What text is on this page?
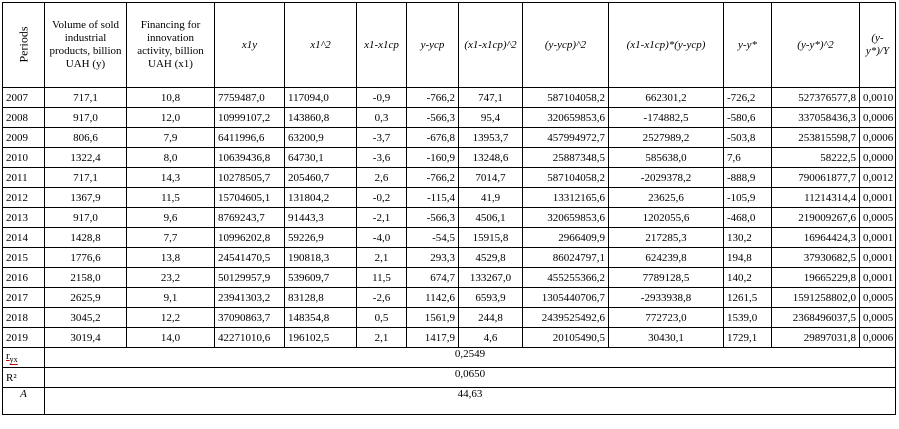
Periods	Volume of sold industrial products, billion UAH (y)	Financing for innovation activity, billion UAH (x1)	x1y	x1^2	x1-x1cp	y-ycp	(x1-x1cp)^2	(y-ycp)^2	(x1-x1cp)*(y-ycp)	y-y*	(y-y*)^2	(y-y*)/Y
2007	717,1	10,8	7759487,0	117094,0	-0,9	-766,2	747,1	587104058,2	662301,2	-726,2	527376577,8	0,0010
2008	917,0	12,0	10999107,2	143860,8	0,3	-566,3	95,4	320659853,6	-174882,5	-580,6	337058436,3	0,0006
2009	806,6	7,9	6411996,6	63200,9	-3,7	-676,8	13953,7	457994972,7	2527989,2	-503,8	253815598,7	0,0006
2010	1322,4	8,0	10639436,8	64730,1	-3,6	-160,9	13248,6	25887348,5	585638,0	7,6	58222,5	0,0000
2011	717,1	14,3	10278505,7	205460,7	2,6	-766,2	7014,7	587104058,2	-2029378,2	-888,9	790061877,7	0,0012
2012	1367,9	11,5	15704605,1	131804,2	-0,2	-115,4	41,9	13312165,6	23625,6	-105,9	11214314,4	0,0001
2013	917,0	9,6	8769243,7	91443,3	-2,1	-566,3	4506,1	320659853,6	1202055,6	-468,0	219009267,6	0,0005
2014	1428,8	7,7	10996202,8	59226,9	-4,0	-54,5	15915,8	2966409,9	217285,3	130,2	16964424,3	0,0001
2015	1776,6	13,8	24541470,5	190818,3	2,1	293,3	4529,8	86024797,1	624239,8	194,8	37930682,5	0,0001
2016	2158,0	23,2	50129957,9	539609,7	11,5	674,7	133267,0	455255366,2	7789128,5	140,2	19665229,8	0,0001
2017	2625,9	9,1	23941303,2	83128,8	-2,6	1142,6	6593,9	1305440706,7	-2933938,8	1261,5	1591258802,0	0,0005
2018	3045,2	12,2	37090863,7	148354,8	0,5	1561,9	244,8	2439525492,6	772723,0	1539,0	2368496037,5	0,0005
2019	3019,4	14,0	42271010,6	196102,5	2,1	1417,9	4,6	20105490,5	30430,1	1729,1	29897031,8	0,0006
$r_{yx}$	0,2549											
R²	0,0650											
$\overline{A}$	44,63											
